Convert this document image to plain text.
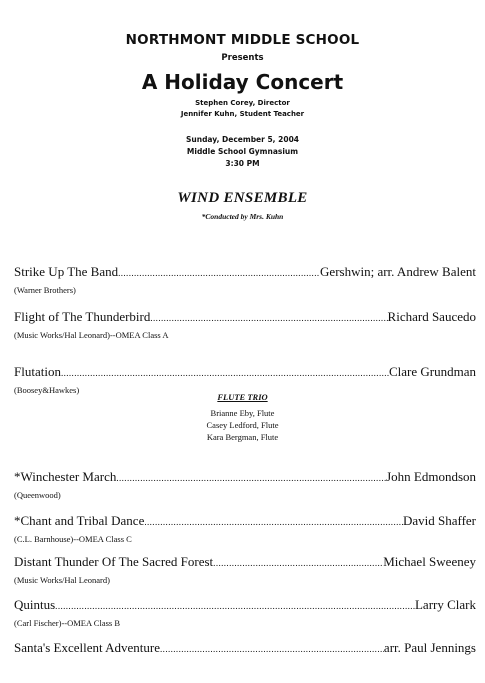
NORTHMONT MIDDLE SCHOOL
Presents
A Holiday Concert
Stephen Corey, Director
Jennifer Kuhn, Student Teacher
Sunday, December 5, 2004
Middle School Gymnasium
3:30 PM
WIND ENSEMBLE
*Conducted by Mrs. Kuhn
Strike Up The Band .....	Gershwin; arr. Andrew Balent
(Warner Brothers)
Flight of The Thunderbird .....	Richard Saucedo
(Music Works/Hal Leonard)--OMEA Class A
Flutation .....	Clare Grundman
(Boosey&Hawkes)
FLUTE TRIO
Brianne Eby, Flute
Casey Ledford, Flute
Kara Bergman, Flute
*Winchester March .....	John Edmondson
(Queenwood)
*Chant and Tribal Dance .....	David Shaffer
(C.L. Barnhouse)--OMEA Class C
Distant Thunder Of The Sacred Forest .....	Michael Sweeney
(Music Works/Hal Leonard)
Quintus .....	Larry Clark
(Carl Fischer)--OMEA Class B
Santa's Excellent Adventure .....	arr. Paul Jennings
